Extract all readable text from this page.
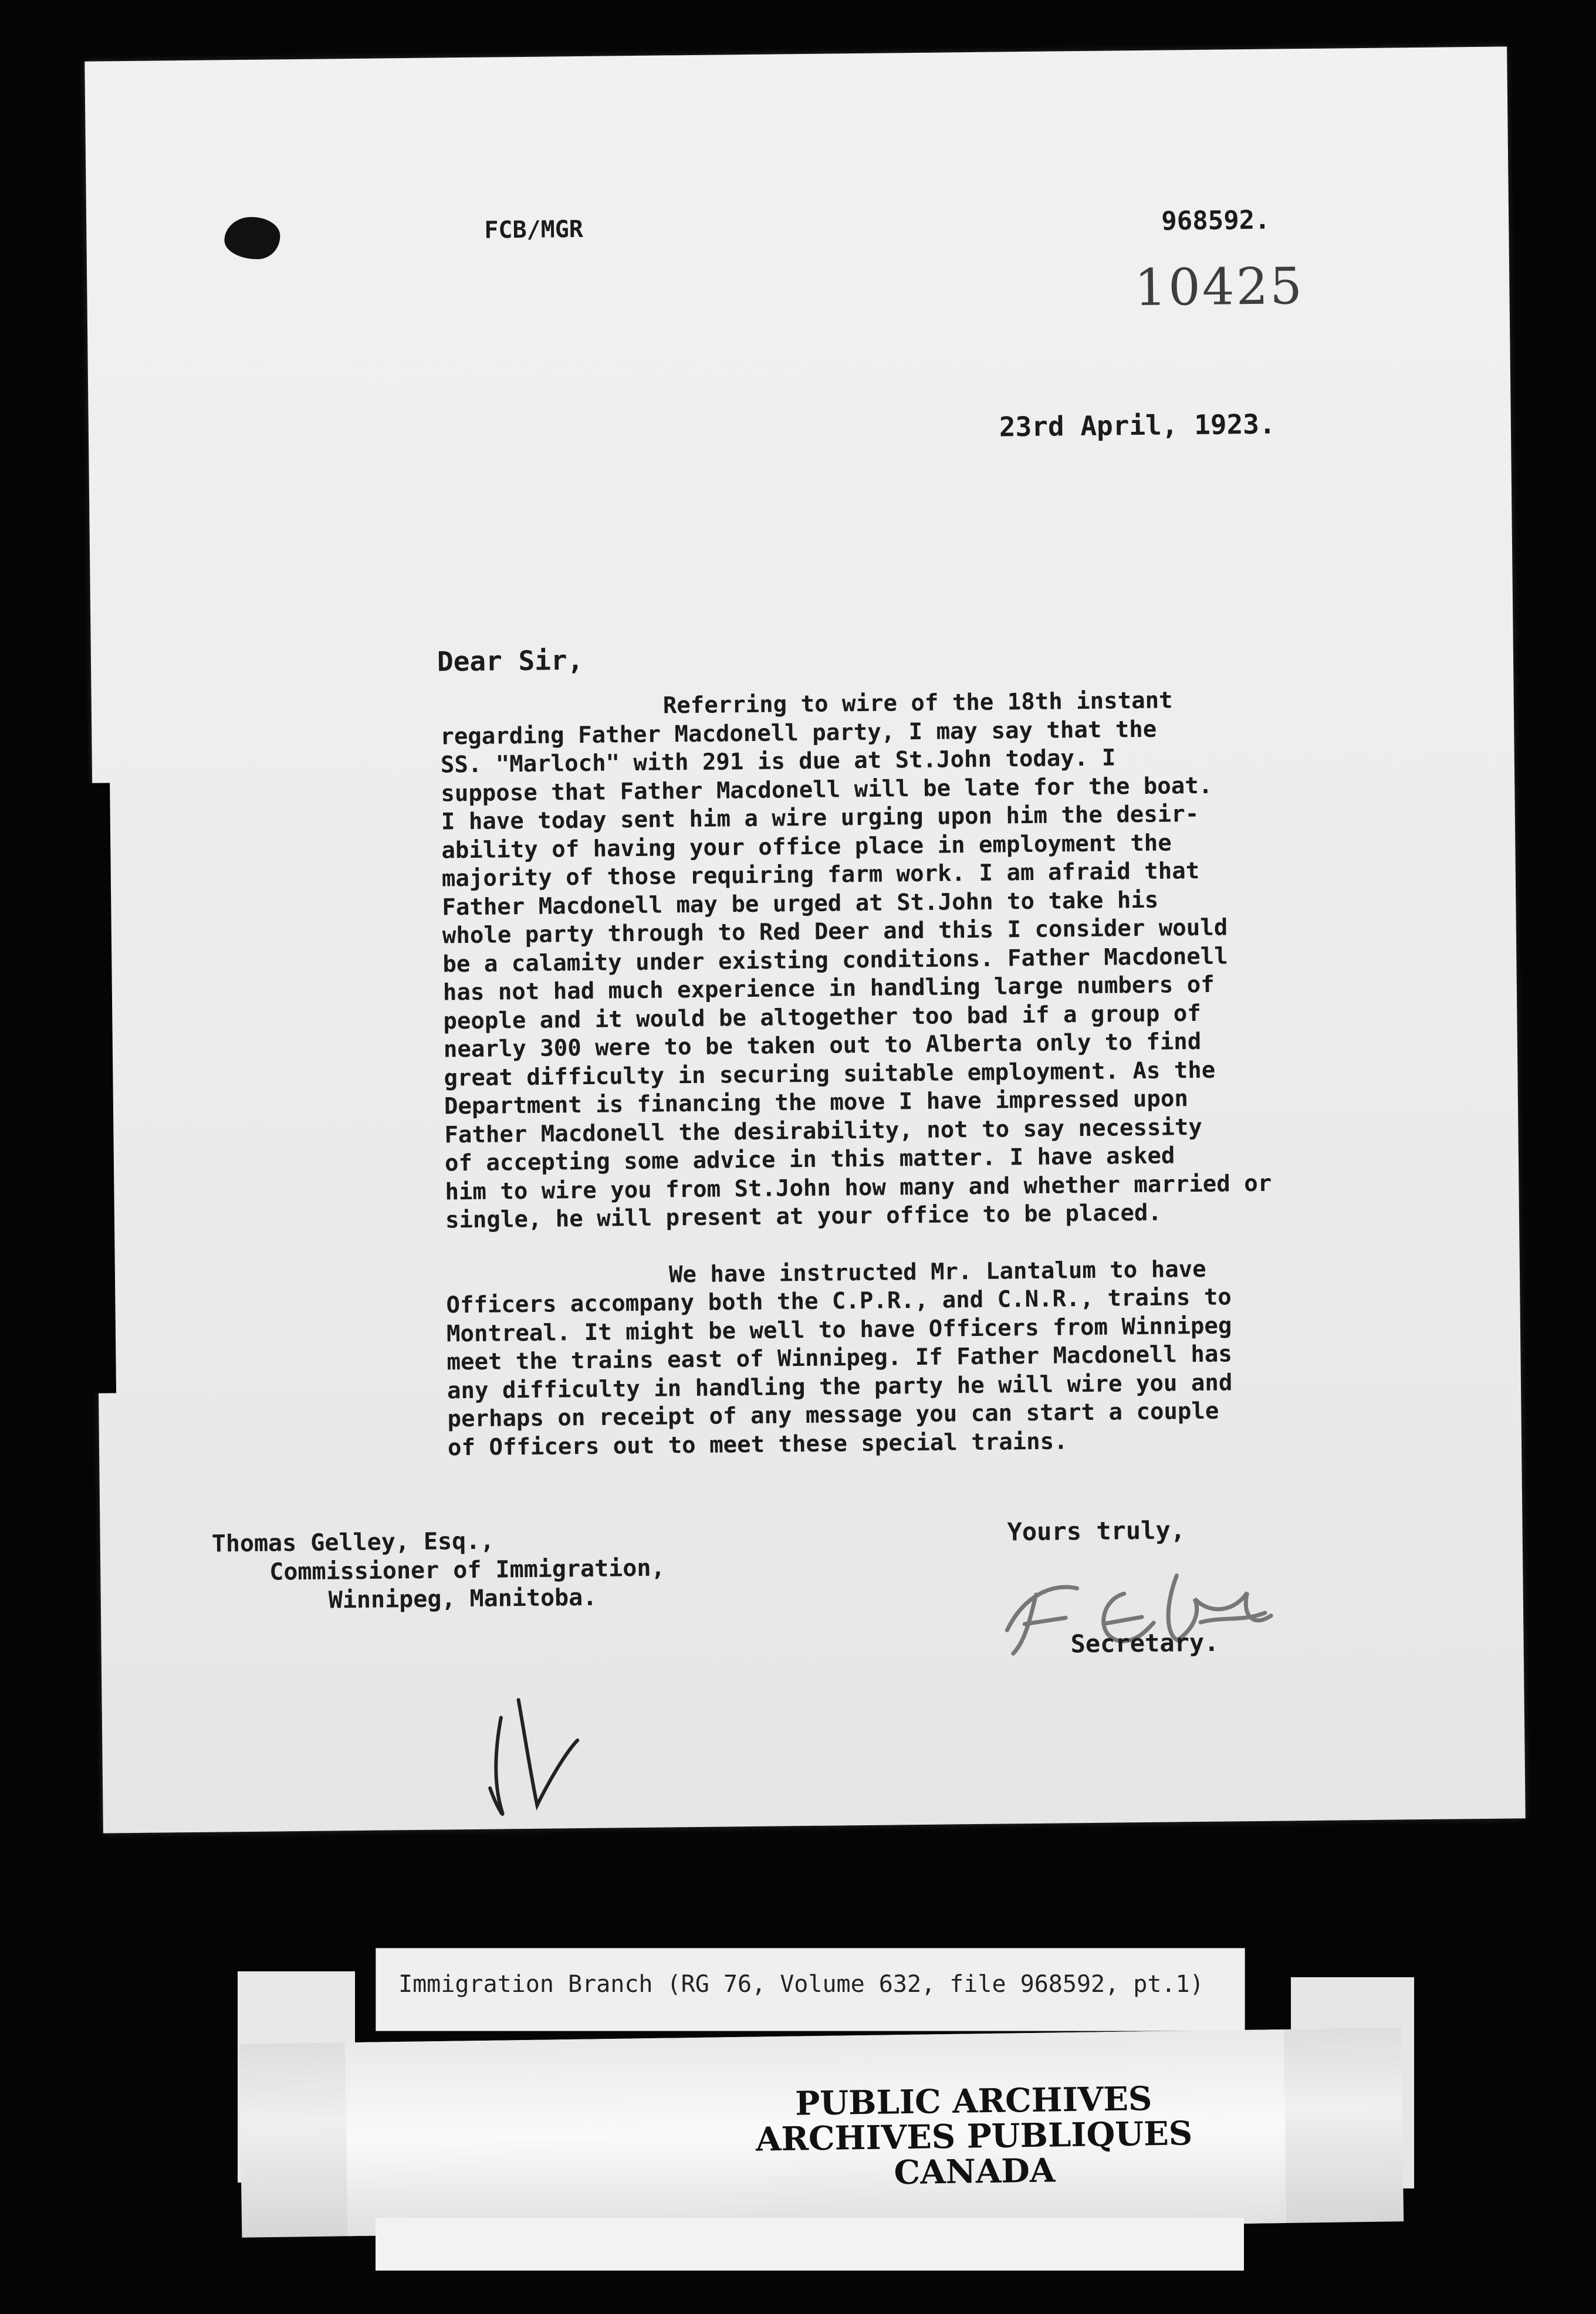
FCB/MGR	968592.
10425
23rd April, 1923.
Dear Sir,
Referring to wire of the 18th instant
regarding Father Macdonell party, I may say that the
SS. "Marloch" with 291 is due at St.John today. I
suppose that Father Macdonell will be late for the boat.
I have today sent him a wire urging upon him the desir-
ability of having your office place in employment the
majority of those requiring farm work. I am afraid that
Father Macdonell may be urged at St.John to take his
whole party through to Red Deer and this I consider would
be a calamity under existing conditions. Father Macdonell
has not had much experience in handling large numbers of
people and it would be altogether too bad if a group of
nearly 300 were to be taken out to Alberta only to find
great difficulty in securing suitable employment. As the
Department is financing the move I have impressed upon
Father Macdonell the desirability, not to say necessity
of accepting some advice in this matter. I have asked
him to wire you from St.John how many and whether married or
single, he will present at your office to be placed.
We have instructed Mr. Lantalum to have
Officers accompany both the C.P.R., and C.N.R., trains to
Montreal. It might be well to have Officers from Winnipeg
meet the trains east of Winnipeg. If Father Macdonell has
any difficulty in handling the party he will wire you and
perhaps on receipt of any message you can start a couple
of Officers out to meet these special trains.
Thomas Gelley, Esq.,
Commissioner of Immigration,
Winnipeg, Manitoba.
Yours truly,
Secretary.
Immigration Branch (RG 76, Volume 632, file 968592, pt.1)
PUBLIC ARCHIVES
ARCHIVES PUBLIQUES
CANADA
